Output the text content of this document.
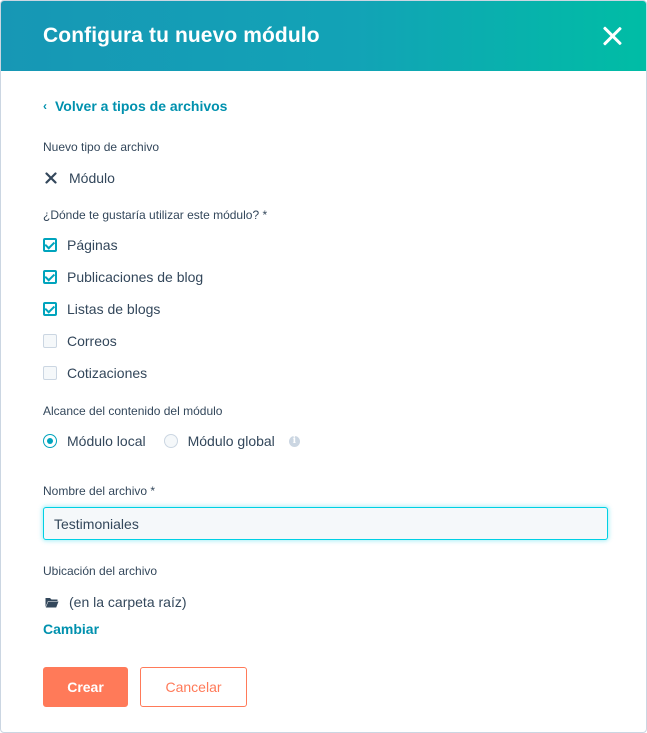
Configura tu nuevo módulo
‹ Volver a tipos de archivos
Nuevo tipo de archivo
Módulo
¿Dónde te gustaría utilizar este módulo? *
Páginas
Publicaciones de blog
Listas de blogs
Correos
Cotizaciones
Alcance del contenido del módulo
Módulo local	Módulo global	i
Nombre del archivo *
Testimoniales
Ubicación del archivo
(en la carpeta raíz)
Cambiar
Crear	Cancelar
